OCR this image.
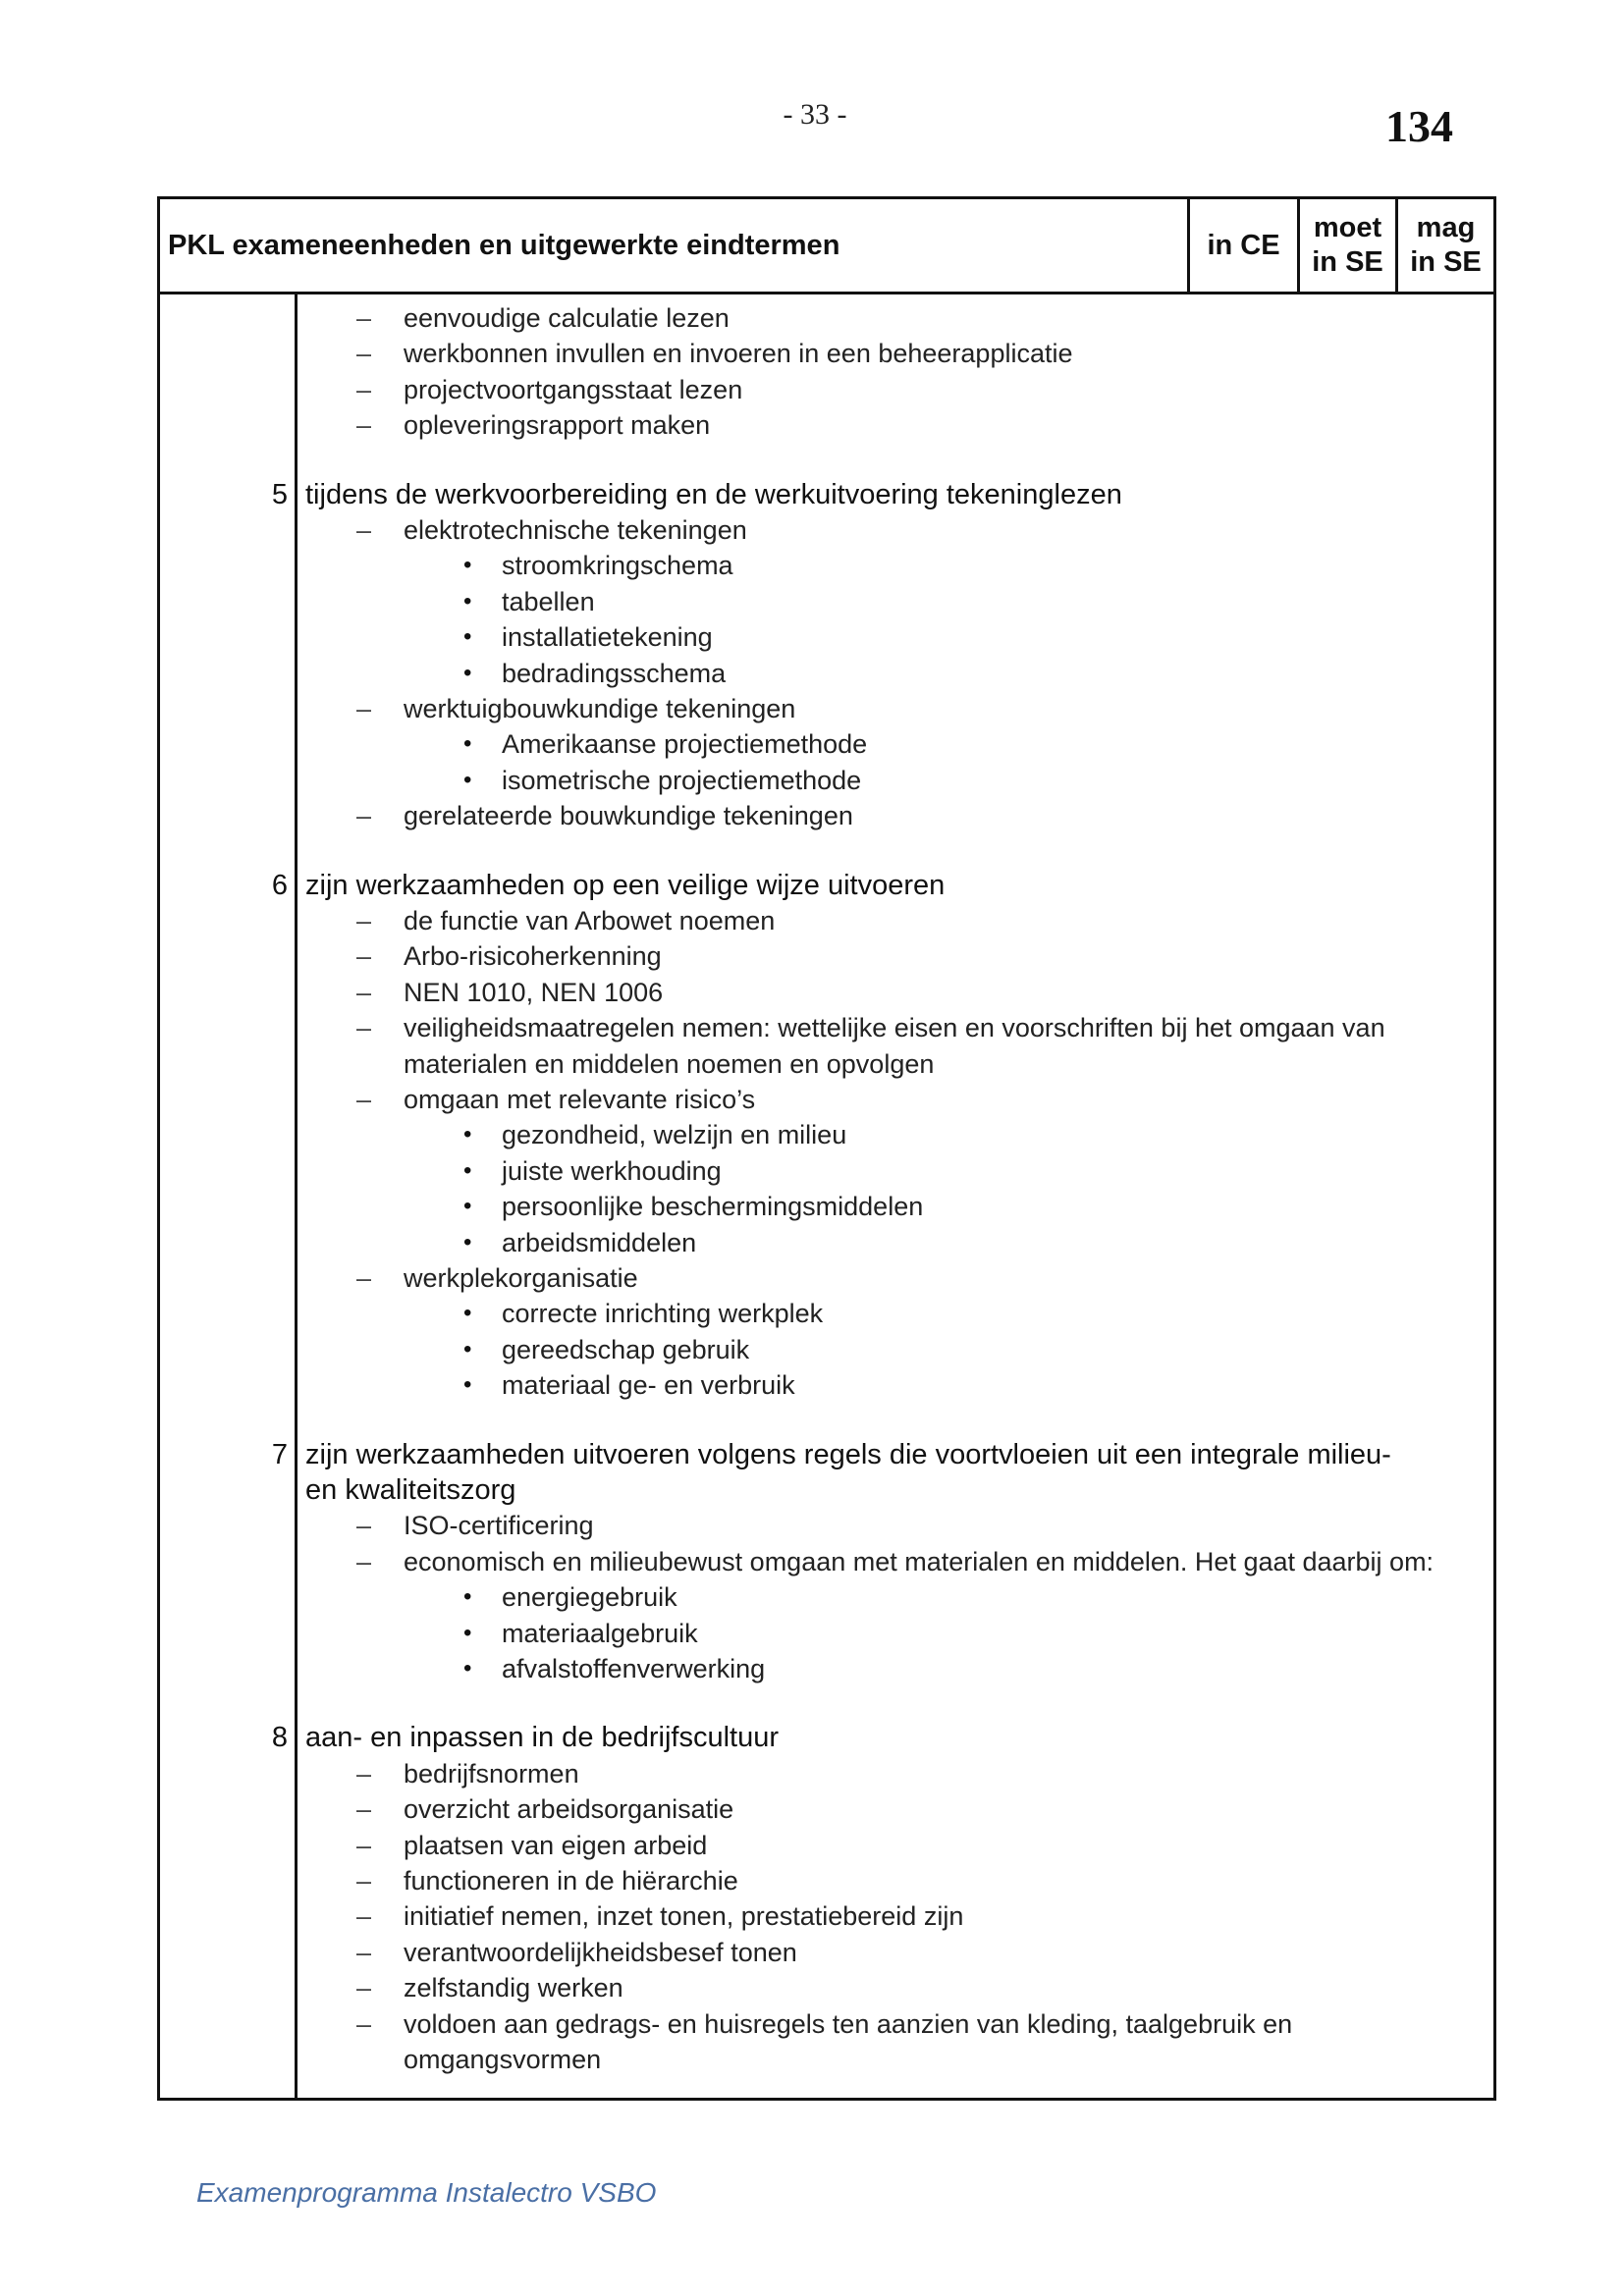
- 33 -	134
PKL exameneenheden en uitgewerkte eindtermen	in CE
moet
in SE
mag
in SE
– eenvoudige calculatie lezen
– werkbonnen invullen en invoeren in een beheerapplicatie
– projectvoortgangsstaat lezen
– opleveringsrapport maken
5 tijdens de werkvoorbereiding en de werkuitvoering tekeninglezen
– elektrotechnische tekeningen
• stroomkringschema
• tabellen
• installatietekening
• bedradingsschema
– werktuigbouwkundige tekeningen
• Amerikaanse projectiemethode
• isometrische projectiemethode
– gerelateerde bouwkundige tekeningen
6 zijn werkzaamheden op een veilige wijze uitvoeren
– de functie van Arbowet noemen
– Arbo-risicoherkenning
– NEN 1010, NEN 1006
– veiligheidsmaatregelen nemen: wettelijke eisen en voorschriften bij het omgaan van
materialen en middelen noemen en opvolgen
– omgaan met relevante risico’s
• gezondheid, welzijn en milieu
• juiste werkhouding
• persoonlijke beschermingsmiddelen
• arbeidsmiddelen
– werkplekorganisatie
• correcte inrichting werkplek
• gereedschap gebruik
• materiaal ge- en verbruik
7 zijn werkzaamheden uitvoeren volgens regels die voortvloeien uit een integrale milieu-
en kwaliteitszorg
– ISO-certificering
– economisch en milieubewust omgaan met materialen en middelen. Het gaat daarbij om:
• energiegebruik
• materiaalgebruik
• afvalstoffenverwerking
8 aan- en inpassen in de bedrijfscultuur
– bedrijfsnormen
– overzicht arbeidsorganisatie
– plaatsen van eigen arbeid
– functioneren in de hiërarchie
– initiatief nemen, inzet tonen, prestatiebereid zijn
– verantwoordelijkheidsbesef tonen
– zelfstandig werken
– voldoen aan gedrags- en huisregels ten aanzien van kleding, taalgebruik en
omgangsvormen
Examenprogramma Instalectro VSBO
